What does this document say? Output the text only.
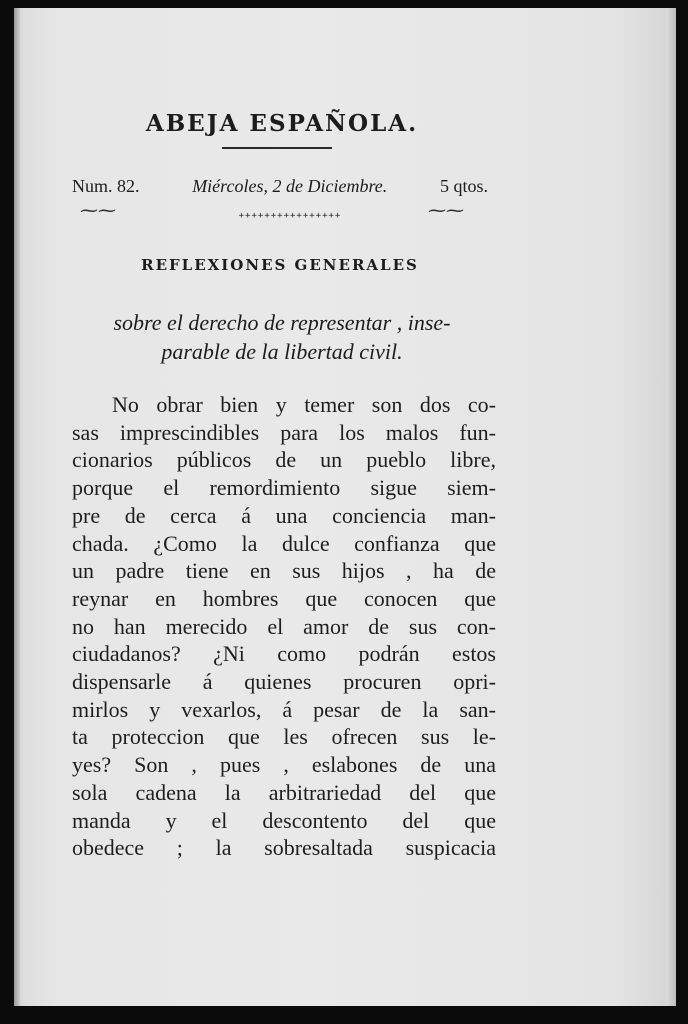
ABEJA ESPAÑOLA.
Num. 82.	Miércoles, 2 de Diciembre.	5 qtos.
⁓⁓	⁓⁓
++++++++++++++++
REFLEXIONES GENERALES
sobre el derecho de representar , inse-
parable de la libertad civil.
No obrar bien y temer son dos co-
sas imprescindibles para los malos fun-
cionarios públicos de un pueblo libre,
porque el remordimiento sigue siem-
pre de cerca á una conciencia man-
chada. ¿Como la dulce confianza que
un padre tiene en sus hijos , ha de
reynar en hombres que conocen que
no han merecido el amor de sus con-
ciudadanos? ¿Ni como podrán estos
dispensarle á quienes procuren opri-
mirlos y vexarlos, á pesar de la san-
ta proteccion que les ofrecen sus le-
yes? Son , pues , eslabones de una
sola cadena la arbitrariedad del que
manda y el descontento del que
obedece ; la sobresaltada suspicacia
